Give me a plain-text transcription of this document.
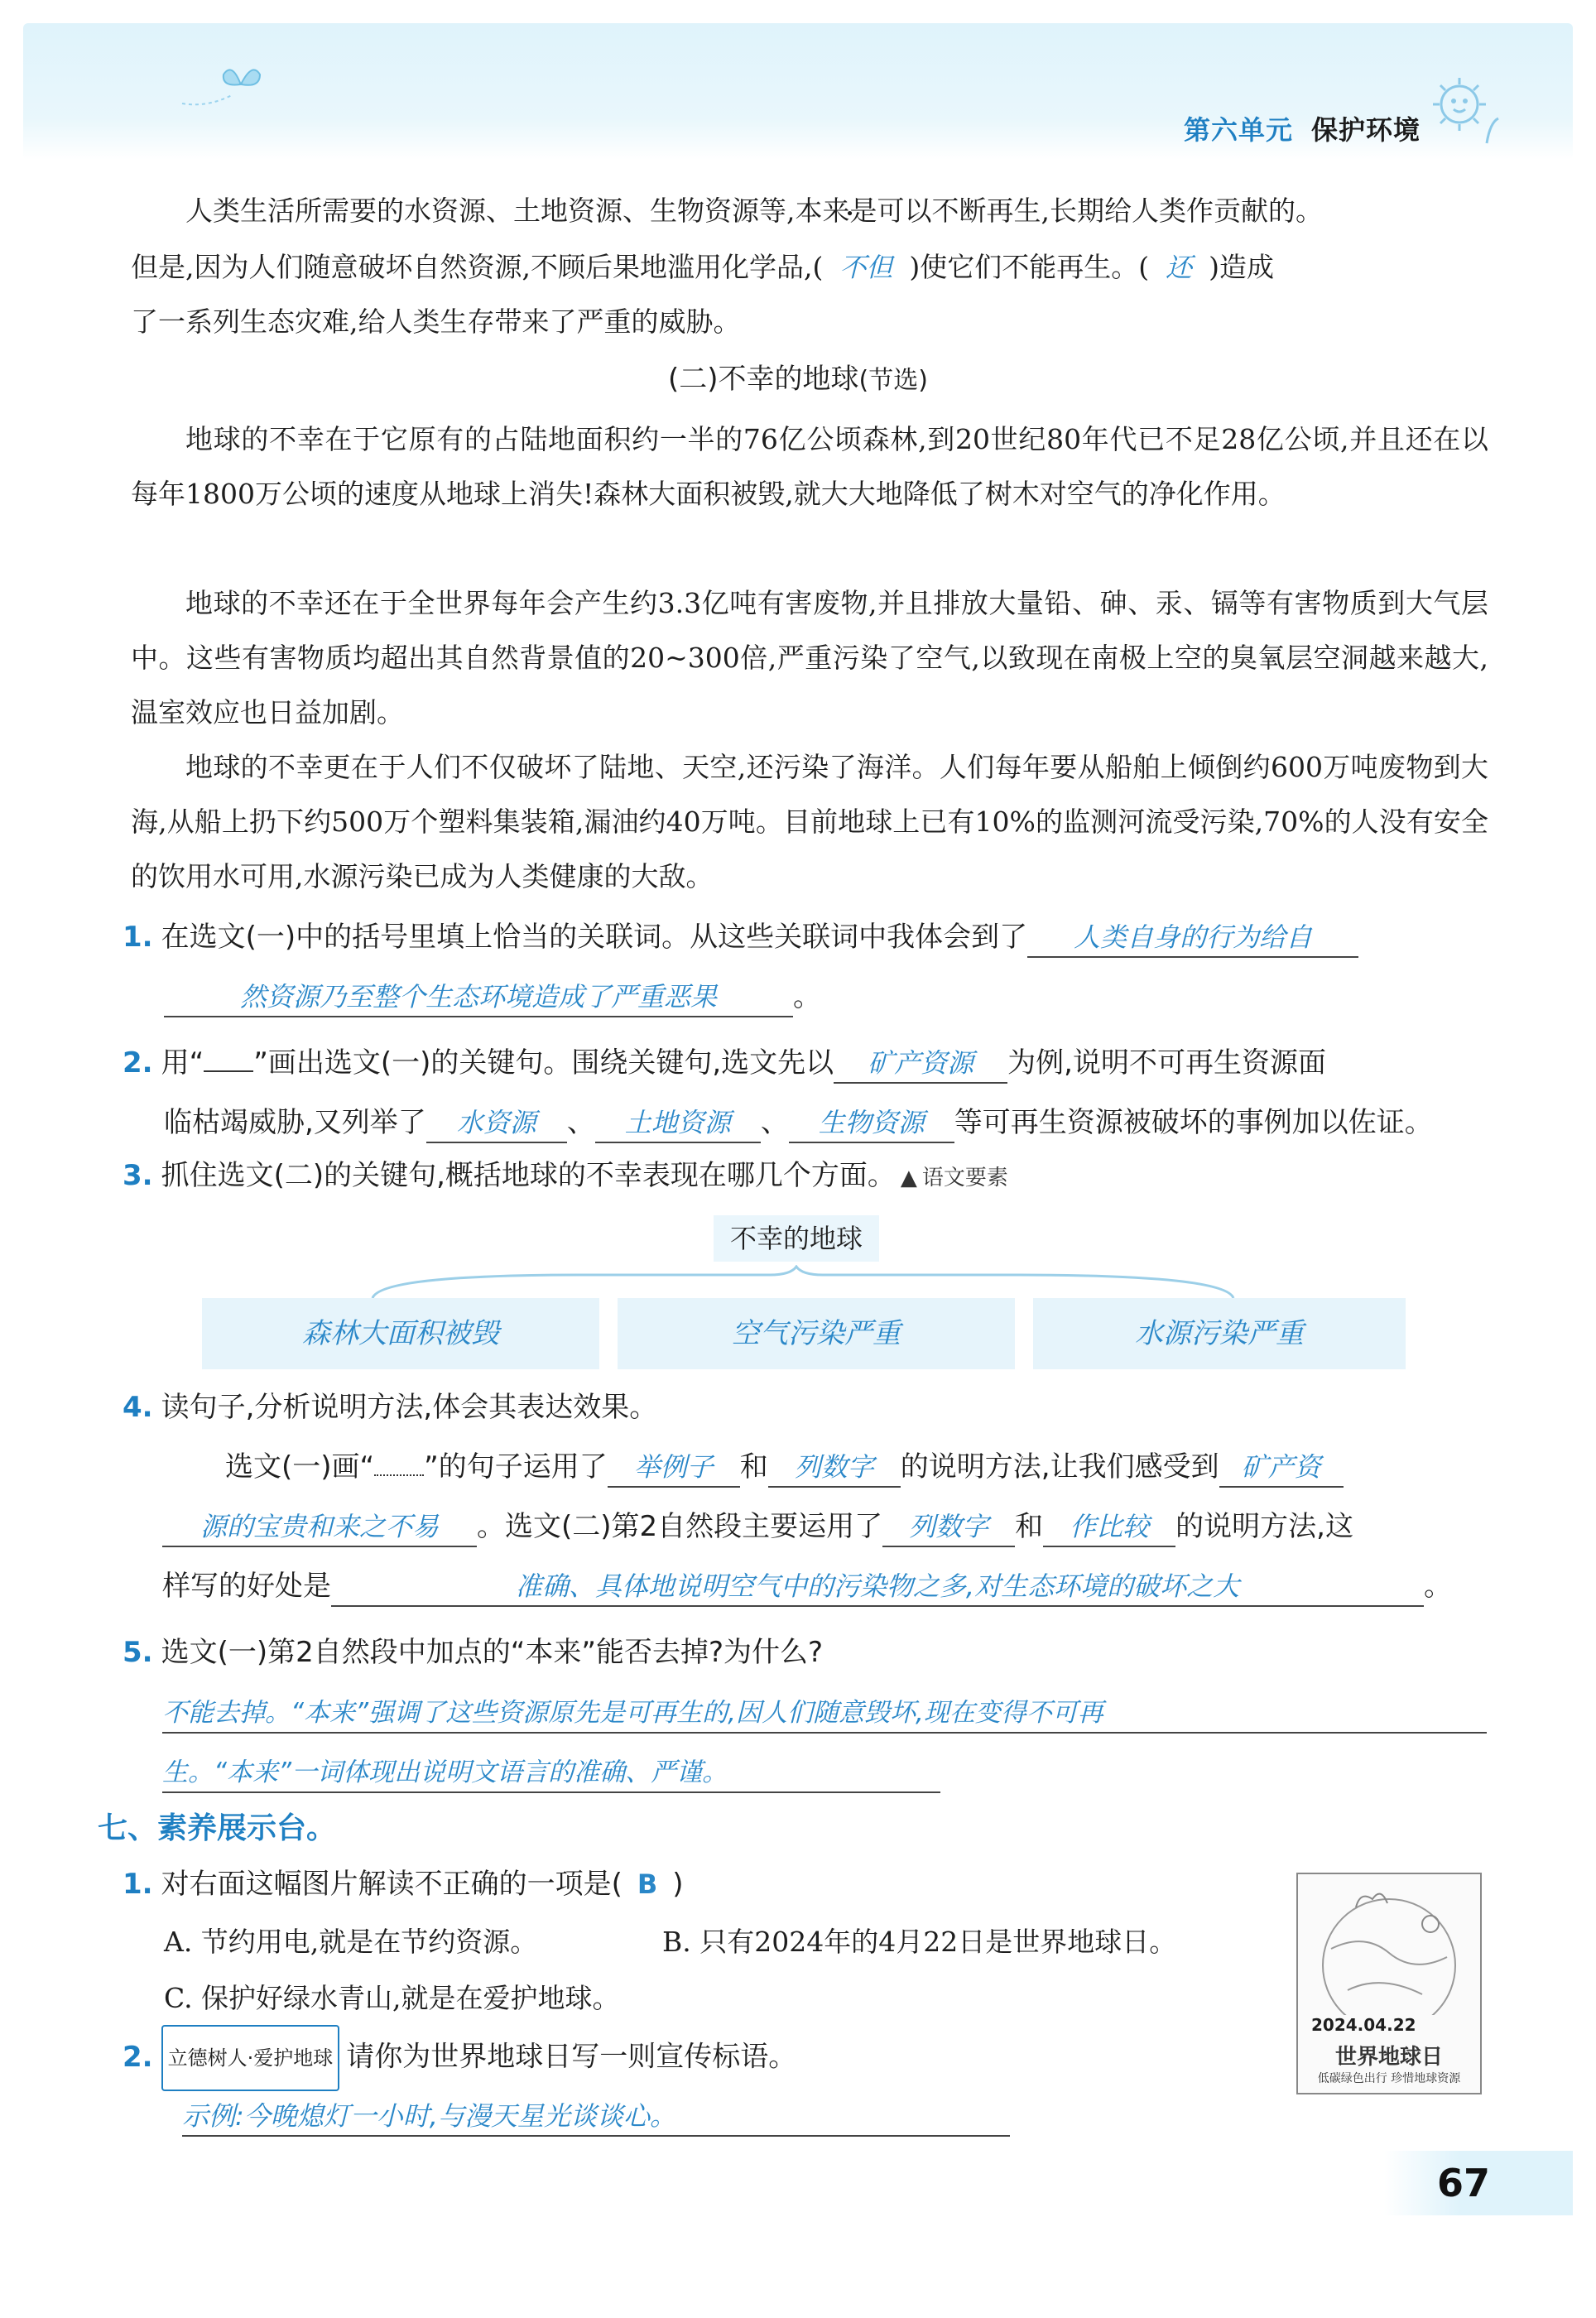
第六单元 保护环境

人类生活所需要的水资源、土地资源、生物资源等,本来 •是可以不断再生,长期给人类作贡献的。

但是,因为人们随意破坏自然资源,不顾后果地滥用化学品,( 不但 )使它们不能再生。( 还 )造成

了一系列生态灾难,给人类生存带来了严重的威胁。

(二)不幸的地球(节选)

地球的不幸在于它原有的占陆地面积约一半的76亿公顷森林,到20世纪80年代已不足28亿公顷,并且还在以每年1800万公顷的速度从地球上消失!森林大面积被毁,就大大地降低了树木对空气的净化作用。

地球的不幸还在于全世界每年会产生约3.3亿吨有害废物,并且排放大量铅、砷、汞、镉等有害物质到大气层中。这些有害物质均超出其自然背景值的20~300倍,严重污染了空气,以致现在南极上空的臭氧层空洞越来越大,温室效应也日益加剧。

地球的不幸更在于人们不仅破坏了陆地、天空,还污染了海洋。人们每年要从船舶上倾倒约600万吨废物到大海,从船上扔下约500万个塑料集装箱,漏油约40万吨。目前地球上已有10%的监测河流受污染,70%的人没有安全的饮用水可用,水源污染已成为人类健康的大敌。

1. 在选文(一)中的括号里填上恰当的关联词。从这些关联词中我体会到了 人类自身的行为给自
然资源乃至整个生态环境造成了严重恶果	。
2. 用“ ”画出选文(一)的关键句。围绕关键句,选文先以 矿产资源 为例,说明不可再生资源面
临枯竭威胁,又列举了 水资源 、 土地资源 、 生物资源 等可再生资源被破坏的事例加以佐证。
3. 抓住选文(二)的关键句,概括地球的不幸表现在哪几个方面。 ▲ 语文要素
不幸的地球
森林大面积被毁	空气污染严重	水源污染严重
4. 读句子,分析说明方法,体会其表达效果。
选文(一)画“ ”的句子运用了 举例子 和 列数字 的说明方法,让我们感受到 矿产资
源的宝贵和来之不易 。选文(二)第2自然段主要运用了 列数字 和 作比较 的说明方法,这
样写的好处是	准确、具体地说明空气中的污染物之多,对生态环境的破坏之大	。
5. 选文(一)第2自然段中加点的“本来”能否去掉?为什么?
不能去掉。“本来”强调了这些资源原先是可再生的,因人们随意毁坏,现在变得不可再
生。“本来”一词体现出说明文语言的准确、严谨。
七、素养展示台。
1. 对右面这幅图片解读不正确的一项是( B )
A. 节约用电,就是在节约资源。	B. 只有2024年的4月22日是世界地球日。
C. 保护好绿水青山,就是在爱护地球。
2. 立德树人·爱护地球 请你为世界地球日写一则宣传标语。
示例:今晚熄灯一小时,与漫天星光谈谈心。
2024.04.22
世界地球日
低碳绿色出行 珍惜地球资源
67
